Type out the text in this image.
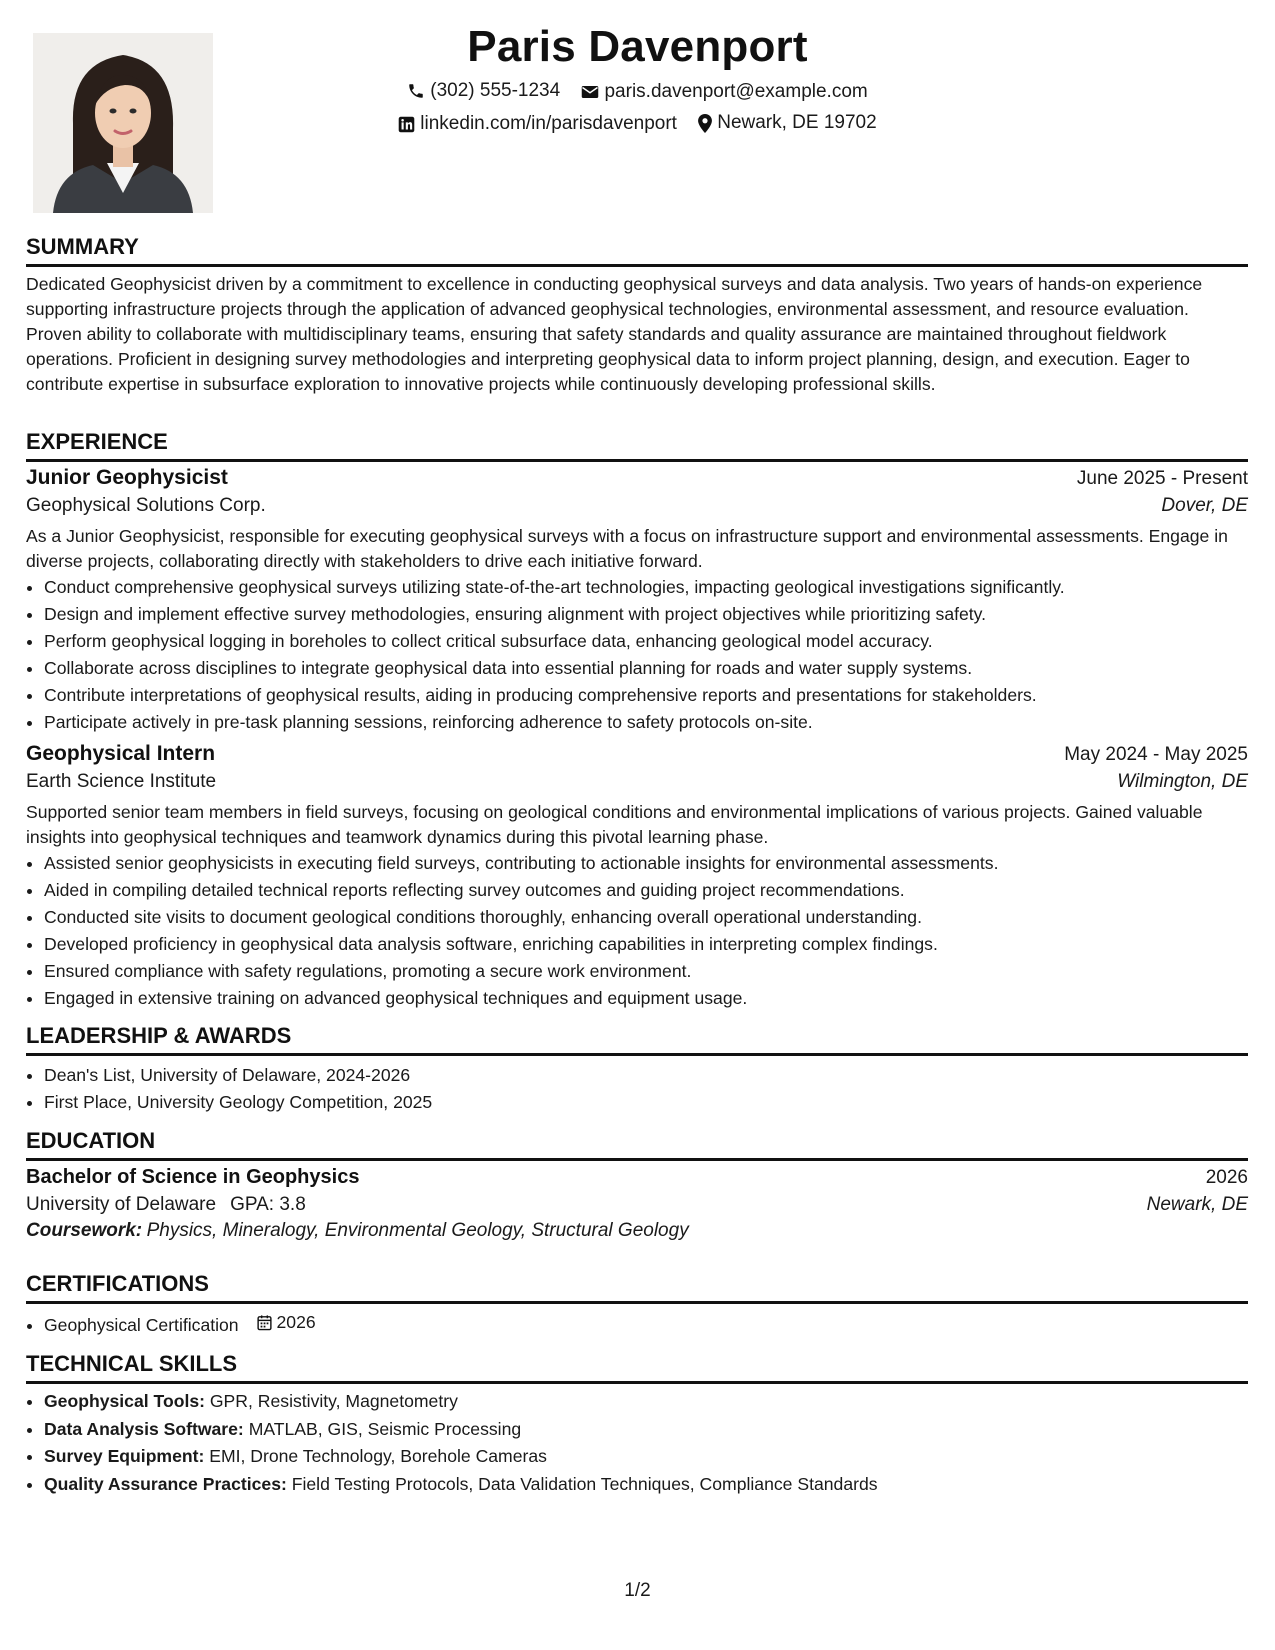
Paris Davenport
(302) 555-1234
paris.davenport@example.com
linkedin.com/in/parisdavenport
Newark, DE 19702
SUMMARY

Dedicated Geophysicist driven by a commitment to excellence in conducting geophysical surveys and data analysis. Two years of hands-on experience supporting infrastructure projects through the application of advanced geophysical technologies, environmental assessment, and resource evaluation. Proven ability to collaborate with multidisciplinary teams, ensuring that safety standards and quality assurance are maintained throughout fieldwork operations. Proficient in designing survey methodologies and interpreting geophysical data to inform project planning, design, and execution. Eager to contribute expertise in subsurface exploration to innovative projects while continuously developing professional skills.

EXPERIENCE
Junior Geophysicist	June 2025 - Present
Geophysical Solutions Corp.	Dover, DE

As a Junior Geophysicist, responsible for executing geophysical surveys with a focus on infrastructure support and environmental assessments. Engage in diverse projects, collaborating directly with stakeholders to drive each initiative forward.

• Conduct comprehensive geophysical surveys utilizing state-of-the-art technologies, impacting geological investigations significantly.
• Design and implement effective survey methodologies, ensuring alignment with project objectives while prioritizing safety.
• Perform geophysical logging in boreholes to collect critical subsurface data, enhancing geological model accuracy.
• Collaborate across disciplines to integrate geophysical data into essential planning for roads and water supply systems.
• Contribute interpretations of geophysical results, aiding in producing comprehensive reports and presentations for stakeholders.
• Participate actively in pre-task planning sessions, reinforcing adherence to safety protocols on-site.
Geophysical Intern	May 2024 - May 2025
Earth Science Institute	Wilmington, DE

Supported senior team members in field surveys, focusing on geological conditions and environmental implications of various projects. Gained valuable insights into geophysical techniques and teamwork dynamics during this pivotal learning phase.

• Assisted senior geophysicists in executing field surveys, contributing to actionable insights for environmental assessments.
• Aided in compiling detailed technical reports reflecting survey outcomes and guiding project recommendations.
• Conducted site visits to document geological conditions thoroughly, enhancing overall operational understanding.
• Developed proficiency in geophysical data analysis software, enriching capabilities in interpreting complex findings.
• Ensured compliance with safety regulations, promoting a secure work environment.
• Engaged in extensive training on advanced geophysical techniques and equipment usage.
LEADERSHIP & AWARDS
• Dean's List, University of Delaware, 2024-2026
• First Place, University Geology Competition, 2025
EDUCATION
Bachelor of Science in Geophysics	2026
University of Delaware GPA: 3.8	Newark, DE
Coursework: Physics, Mineralogy, Environmental Geology, Structural Geology
CERTIFICATIONS
• Geophysical Certification 2026
TECHNICAL SKILLS
• Geophysical Tools: GPR, Resistivity, Magnetometry
• Data Analysis Software: MATLAB, GIS, Seismic Processing
• Survey Equipment: EMI, Drone Technology, Borehole Cameras
• Quality Assurance Practices: Field Testing Protocols, Data Validation Techniques, Compliance Standards
1/2
